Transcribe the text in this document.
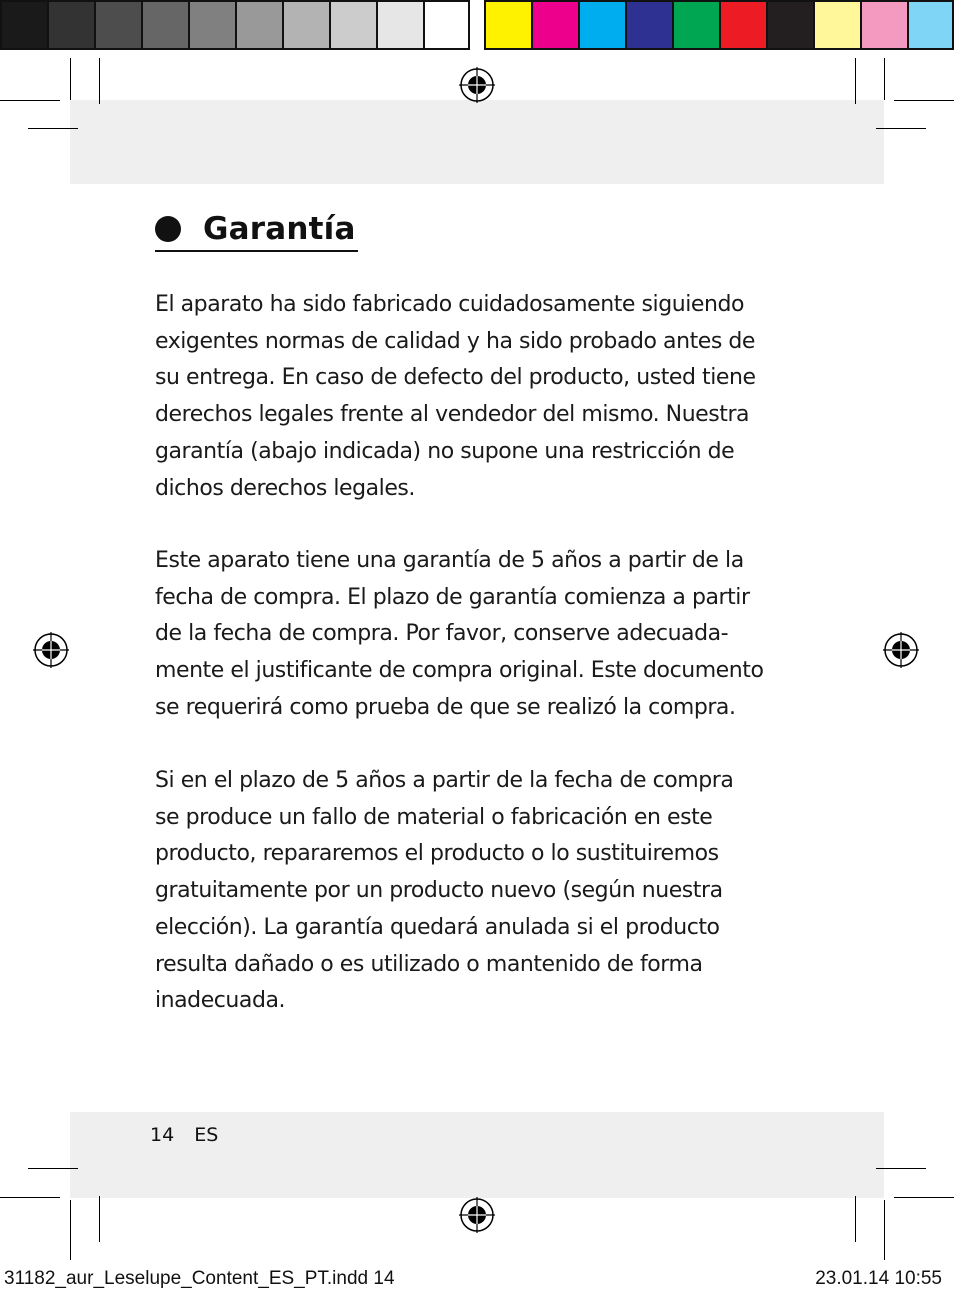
Garantía

El aparato ha sido fabricado cuidadosamente siguiendo
exigentes normas de calidad y ha sido probado antes de
su entrega. En caso de defecto del producto, usted tiene
derechos legales frente al vendedor del mismo. Nuestra
garantía (abajo indicada) no supone una restricción de
dichos derechos legales.

Este aparato tiene una garantía de 5 años a partir de la
fecha de compra. El plazo de garantía comienza a partir
de la fecha de compra. Por favor, conserve adecuada-
mente el justificante de compra original. Este documento
se requerirá como prueba de que se realizó la compra.

Si en el plazo de 5 años a partir de la fecha de compra
se produce un fallo de material o fabricación en este
producto, repararemos el producto o lo sustituiremos
gratuitamente por un producto nuevo (según nuestra
elección). La garantía quedará anulada si el producto
resulta dañado o es utilizado o mantenido de forma
inadecuada.

14 ES
31182_aur_Leselupe_Content_ES_PT.indd 14	23.01.14 10:55
